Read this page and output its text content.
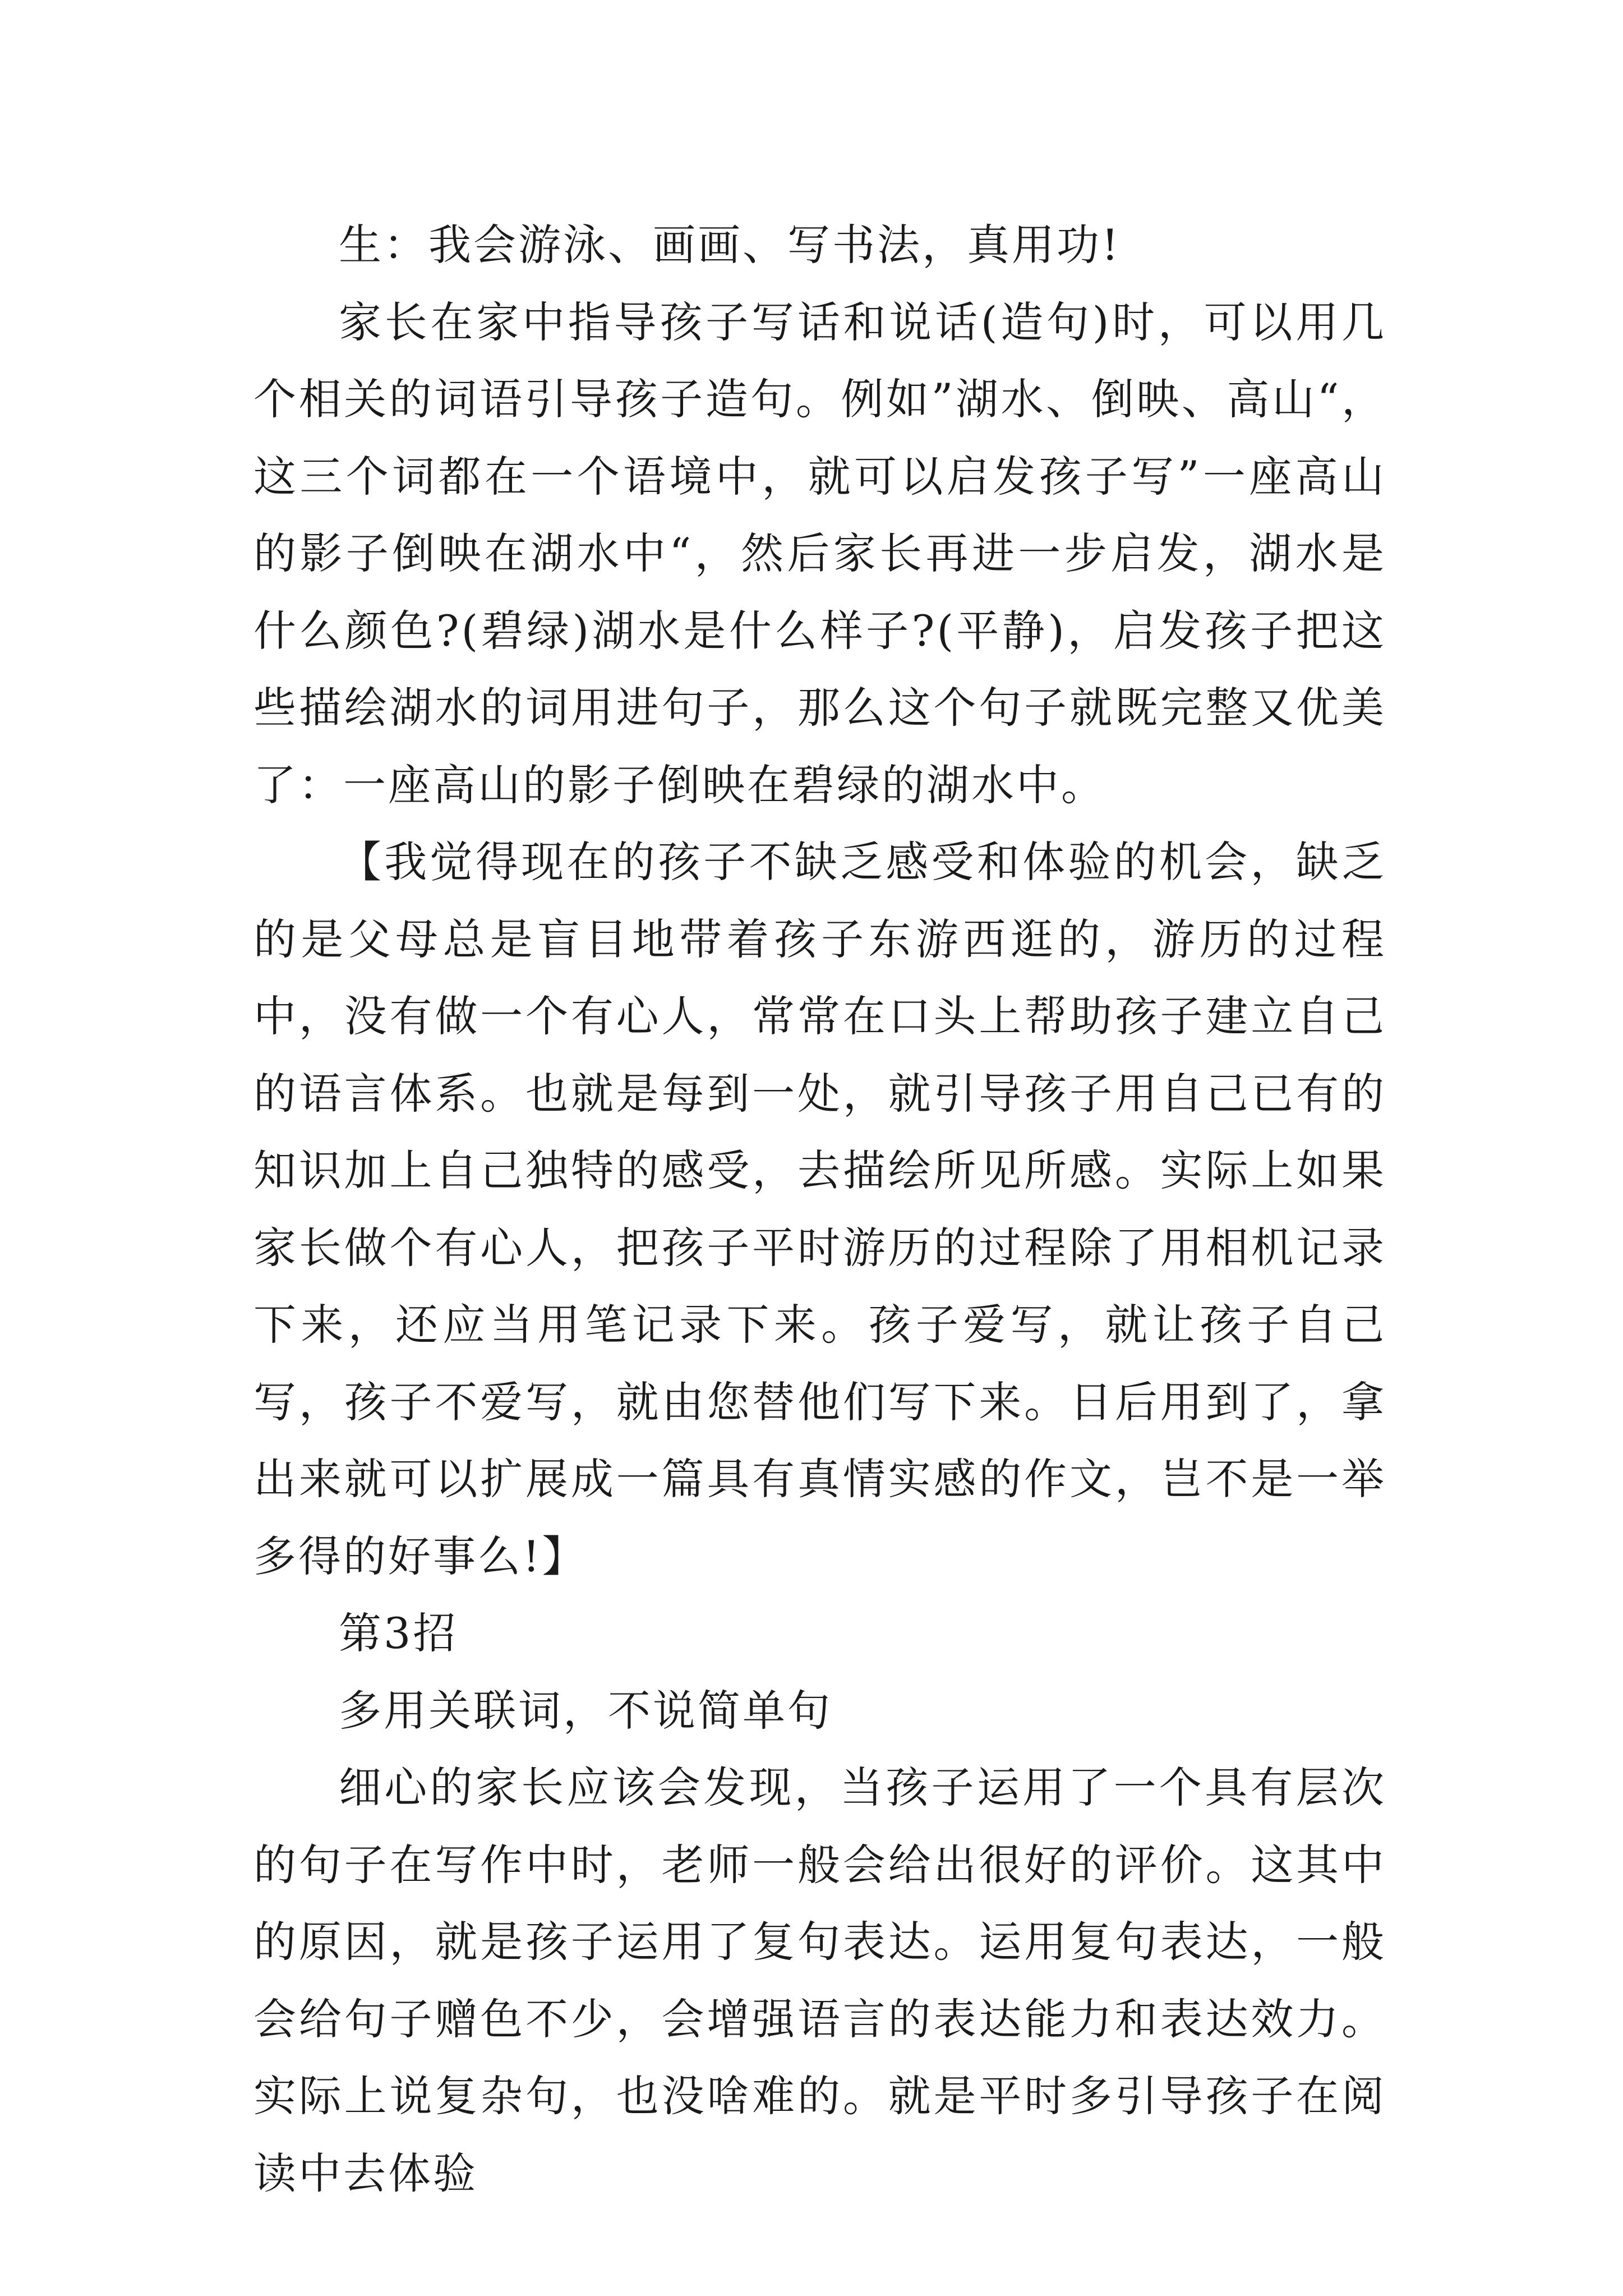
生：我会游泳、画画、写书法，真用功!

家长在家中指导孩子写话和说话(造句)时，可以用几个相关的词语引导孩子造句。例如”湖水、倒映、高山“，这三个词都在一个语境中，就可以启发孩子写”一座高山的影子倒映在湖水中“，然后家长再进一步启发，湖水是什么颜色?(碧绿)湖水是什么样子?(平静)，启发孩子把这些描绘湖水的词用进句子，那么这个句子就既完整又优美了：一座高山的影子倒映在碧绿的湖水中。

【我觉得现在的孩子不缺乏感受和体验的机会，缺乏的是父母总是盲目地带着孩子东游西逛的，游历的过程中，没有做一个有心人，常常在口头上帮助孩子建立自己的语言体系。也就是每到一处，就引导孩子用自己已有的知识加上自己独特的感受，去描绘所见所感。实际上如果家长做个有心人，把孩子平时游历的过程除了用相机记录下来，还应当用笔记录下来。孩子爱写，就让孩子自己写，孩子不爱写，就由您替他们写下来。日后用到了，拿出来就可以扩展成一篇具有真情实感的作文，岂不是一举多得的好事么!】

第3招

多用关联词，不说简单句

细心的家长应该会发现，当孩子运用了一个具有层次的句子在写作中时，老师一般会给出很好的评价。这其中的原因，就是孩子运用了复句表达。运用复句表达，一般会给句子赠色不少，会增强语言的表达能力和表达效力。实际上说复杂句，也没啥难的。就是平时多引导孩子在阅读中去体验
